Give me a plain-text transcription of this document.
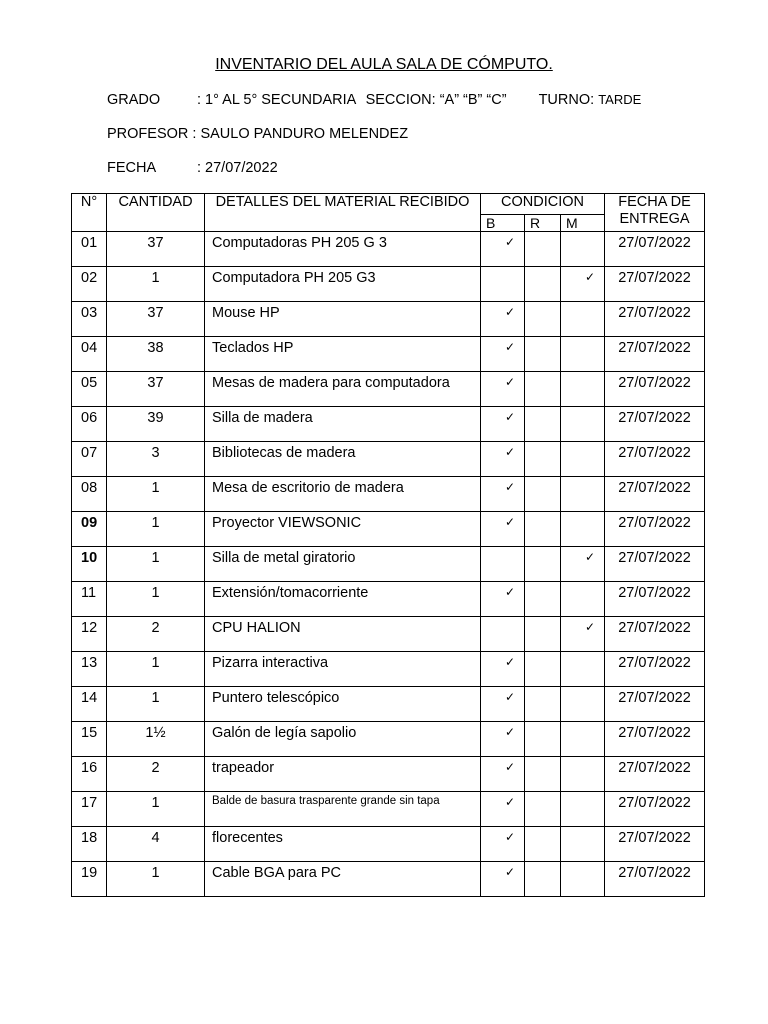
INVENTARIO DEL AULA SALA DE CÓMPUTO.
GRADO	: 1° AL 5° SECUNDARIA SECCION: “A” “B” “C” TURNO: TARDE
PROFESOR : SAULO PANDURO MELENDEZ
FECHA	: 27/07/2022
N°	CANTIDAD	DETALLES DEL MATERIAL RECIBIDO	CONDICION			FECHA DE ENTREGA
			B	R	M	
01	37	Computadoras PH 205 G 3	✓			27/07/2022
02	1	Computadora PH 205 G3			✓	27/07/2022
03	37	Mouse HP	✓			27/07/2022
04	38	Teclados HP	✓			27/07/2022
05	37	Mesas de madera para computadora	✓			27/07/2022
06	39	Silla de madera	✓			27/07/2022
07	3	Bibliotecas de madera	✓			27/07/2022
08	1	Mesa de escritorio de madera	✓			27/07/2022
09	1	Proyector VIEWSONIC	✓			27/07/2022
10	1	Silla de metal giratorio			✓	27/07/2022
11	1	Extensión/tomacorriente	✓			27/07/2022
12	2	CPU HALION			✓	27/07/2022
13	1	Pizarra interactiva	✓			27/07/2022
14	1	Puntero telescópico	✓			27/07/2022
15	1½	Galón de legía sapolio	✓			27/07/2022
16	2	trapeador	✓			27/07/2022
17	1	Balde de basura trasparente grande sin tapa	✓			27/07/2022
18	4	florecentes	✓			27/07/2022
19	1	Cable BGA para PC	✓			27/07/2022
